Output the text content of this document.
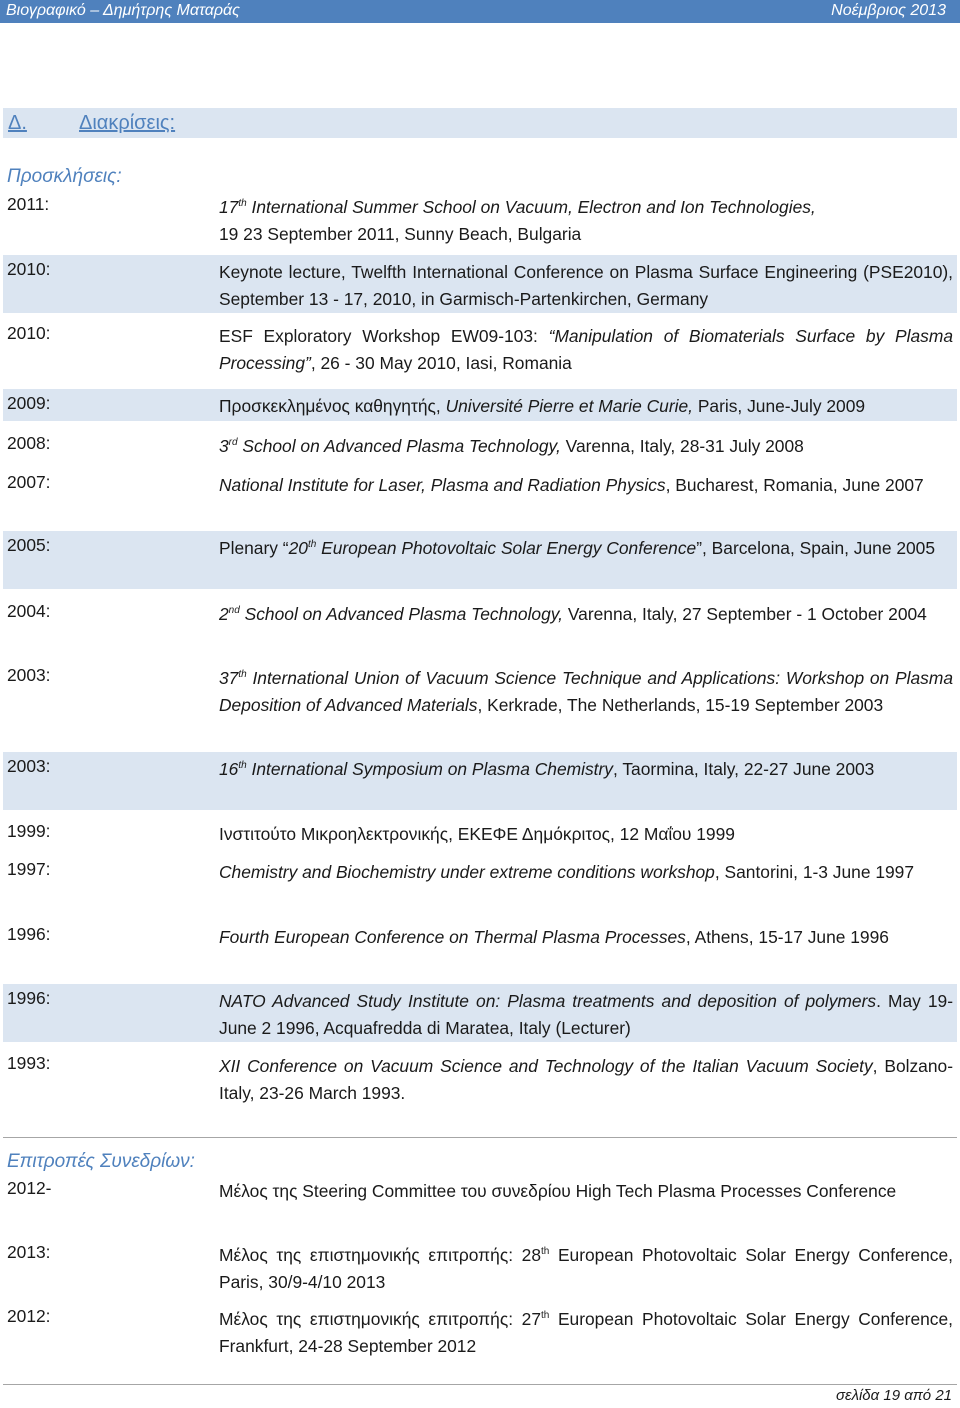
Βιογραφικό – Δημήτρης Ματαράς	Νοέμβριος 2013
Δ.	Διακρίσεις:
Προσκλήσεις:
2011:	17th International Summer School on Vacuum, Electron and Ion Technologies,
19 23 September 2011, Sunny Beach, Bulgaria
2010:	Keynote lecture, Twelfth International Conference on Plasma Surface Engineering (PSE2010), September 13 - 17, 2010, in Garmisch-Partenkirchen, Germany
2010:	ESF Exploratory Workshop EW09-103: “Manipulation of Biomaterials Surface by Plasma Processing”, 26 - 30 May 2010, Iasi, Romania
2009:	Προσκεκλημένος καθηγητής, Université Pierre et Marie Curie, Paris, June-July 2009
2008:	3rd School on Advanced Plasma Technology, Varenna, Italy, 28-31 July 2008
2007:	National Institute for Laser, Plasma and Radiation Physics, Bucharest, Romania, June 2007
2005:	Plenary “20th European Photovoltaic Solar Energy Conference”, Barcelona, Spain, June 2005
2004:	2nd School on Advanced Plasma Technology, Varenna, Italy, 27 September - 1 October 2004
2003:	37th International Union of Vacuum Science Technique and Applications: Workshop on Plasma Deposition of Advanced Materials, Kerkrade, The Netherlands, 15-19 September 2003
2003:	16th International Symposium on Plasma Chemistry, Taormina, Italy, 22-27 June 2003
1999:	Ινστιτούτο Μικροηλεκτρονικής, ΕΚΕΦΕ Δημόκριτος, 12 Μαΐου 1999
1997:	Chemistry and Biochemistry under extreme conditions workshop, Santorini, 1-3 June 1997
1996:	Fourth European Conference on Thermal Plasma Processes, Athens, 15-17 June 1996
1996:	NATO Advanced Study Institute on: Plasma treatments and deposition of polymers. May 19-June 2 1996, Acquafredda di Maratea, Italy (Lecturer)
1993:	XII Conference on Vacuum Science and Technology of the Italian Vacuum Society, Bolzano-Italy, 23-26 March 1993.
Επιτροπές Συνεδρίων:
2012-	Μέλος της Steering Committee του συνεδρίου High Tech Plasma Processes Conference
2013:	Μέλος της επιστημονικής επιτροπής: 28th European Photovoltaic Solar Energy Conference, Paris, 30/9-4/10 2013
2012:	Μέλος της επιστημονικής επιτροπής: 27th European Photovoltaic Solar Energy Conference, Frankfurt, 24-28 September 2012
σελίδα 19 από 21
